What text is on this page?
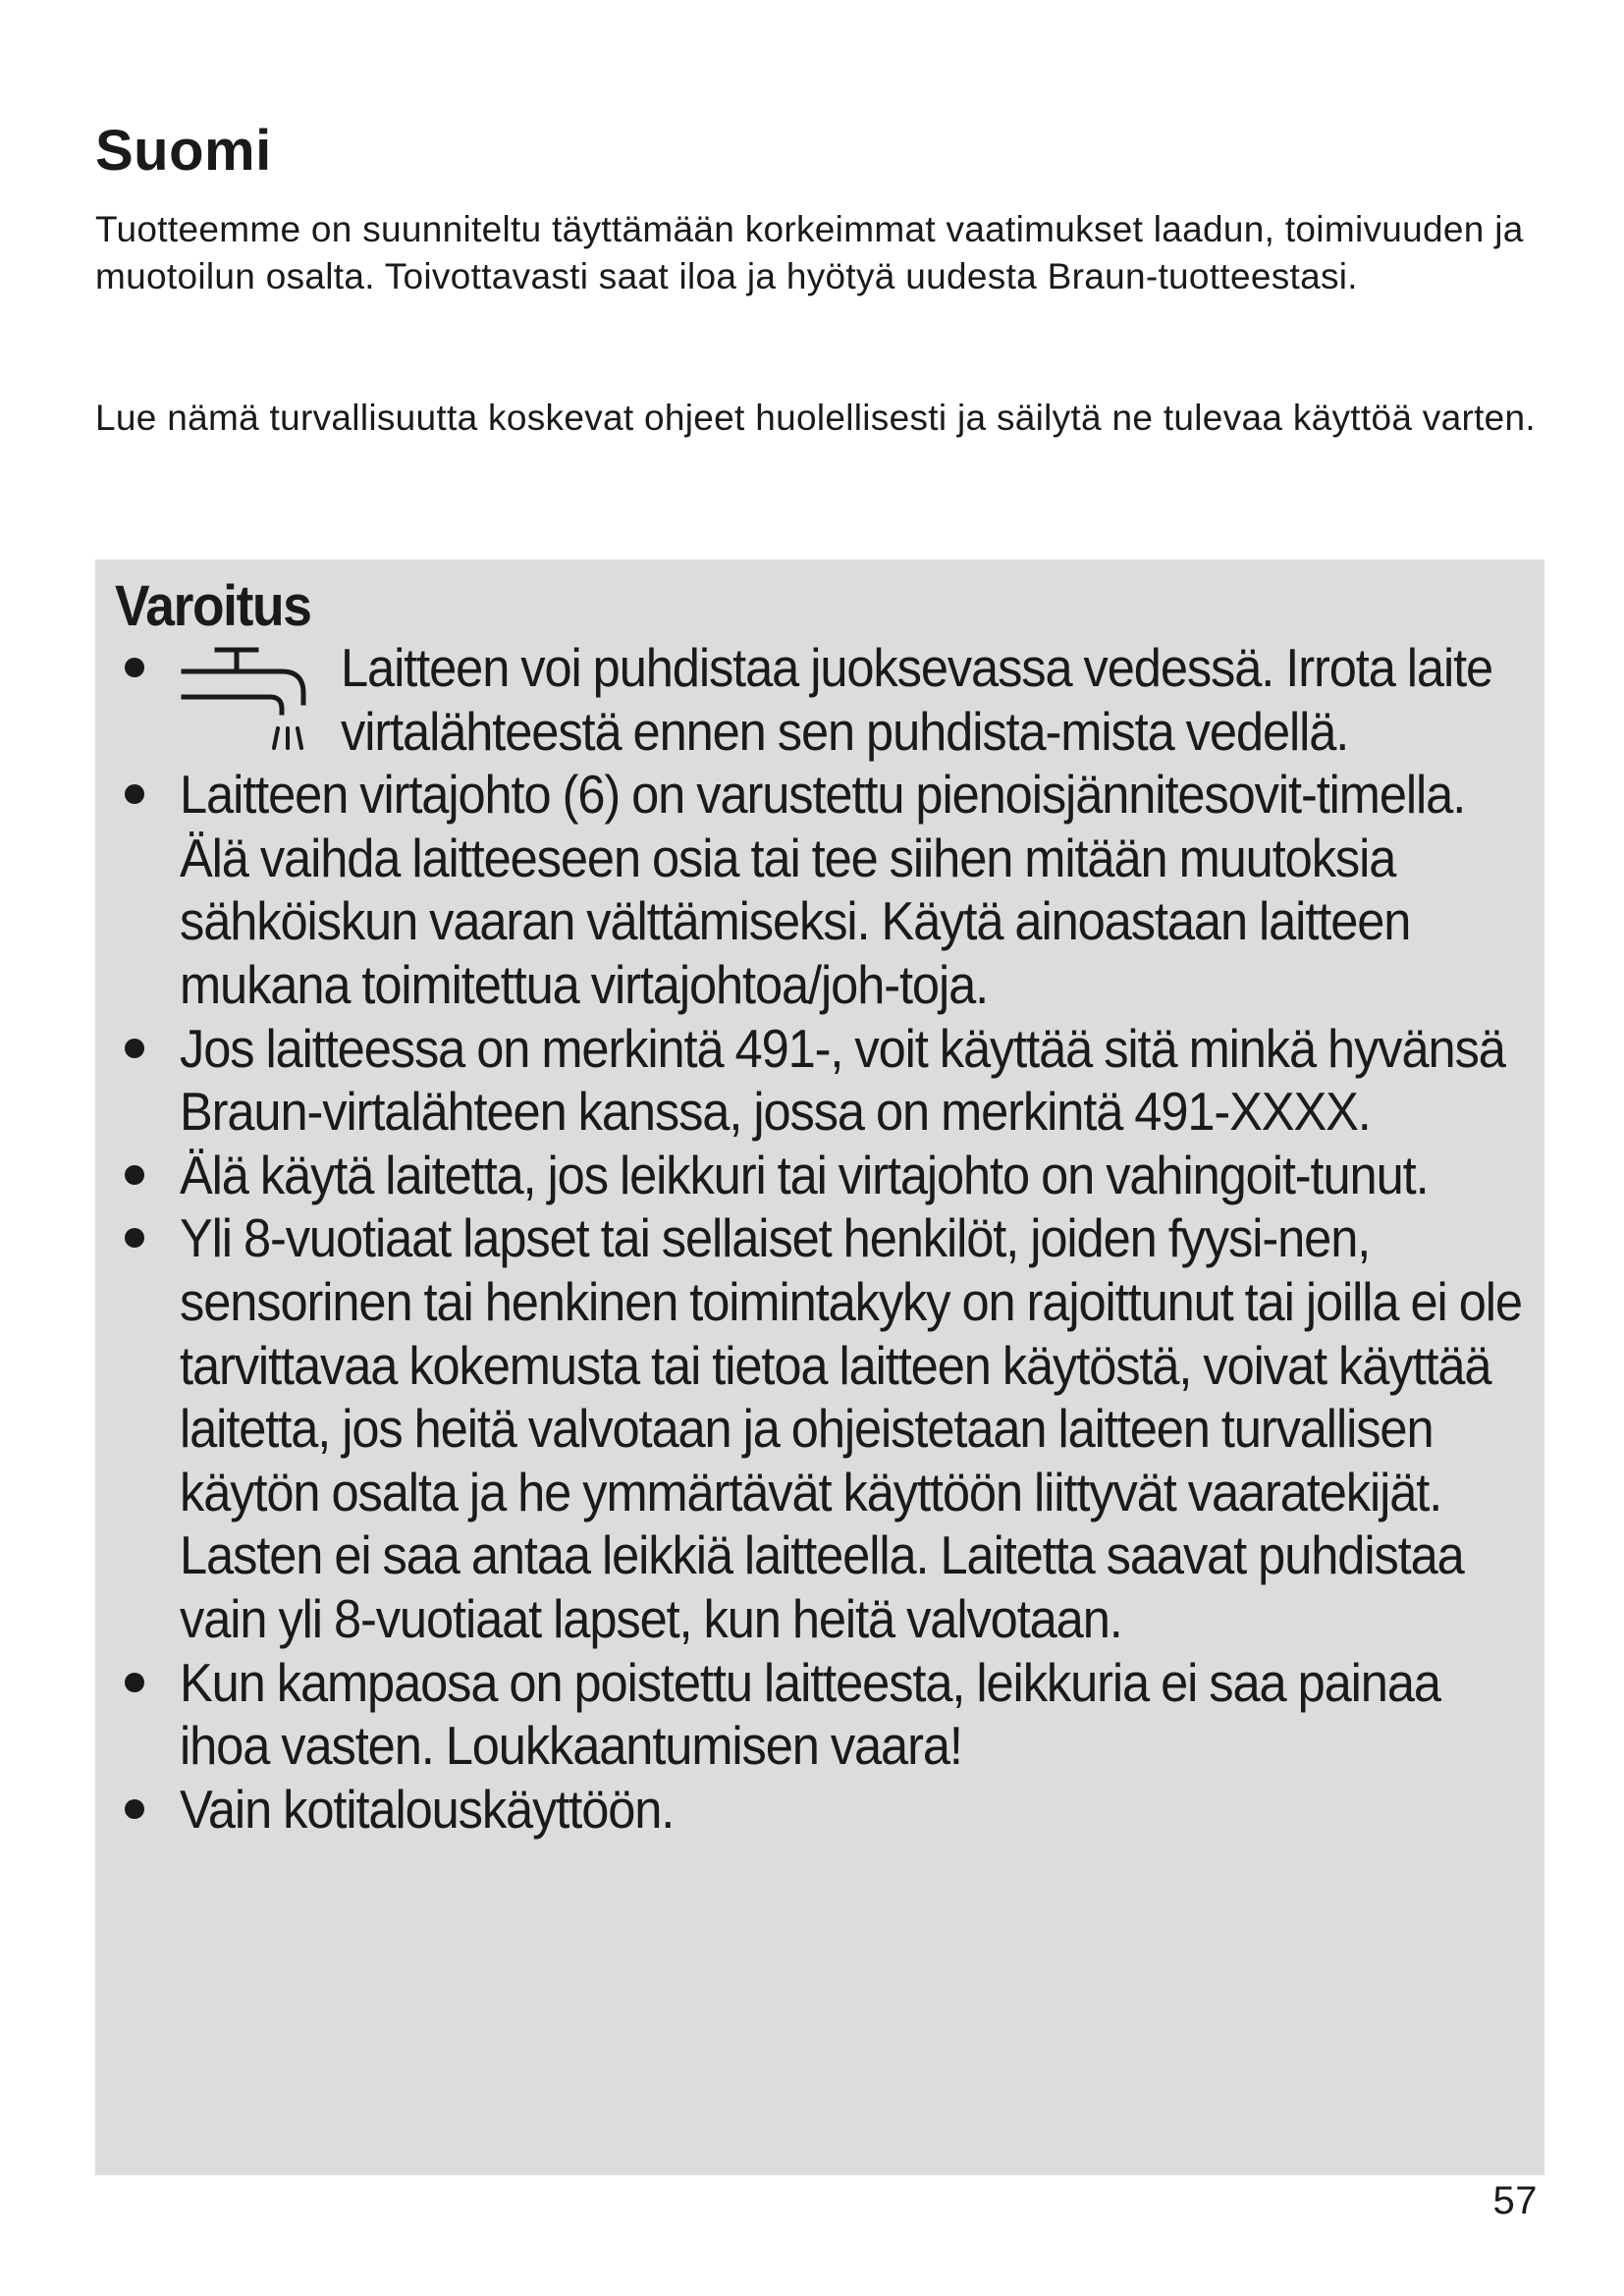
Suomi
Tuotteemme on suunniteltu täyttämään korkeimmat vaatimukset laadun, toimivuuden ja muotoilun osalta. Toivottavasti saat iloa ja hyötyä uudesta Braun-tuotteestasi.
Lue nämä turvallisuutta koskevat ohjeet huolellisesti ja säilytä ne tulevaa käyttöä varten.
Varoitus
Laitteen voi puhdistaa juoksevassa vedessä. Irrota laite virtalähteestä ennen sen puhdista-mista vedellä.
Laitteen virtajohto (6) on varustettu pienoisjännitesovit-timella. Älä vaihda laitteeseen osia tai tee siihen mitään muutoksia sähköiskun vaaran välttämiseksi. Käytä ainoastaan laitteen mukana toimitettua virtajohtoa/joh-toja.
Jos laitteessa on merkintä 491-, voit käyttää sitä minkä hyvänsä Braun-virtalähteen kanssa, jossa on merkintä 491-XXXX.
Älä käytä laitetta, jos leikkuri tai virtajohto on vahingoit-tunut.
Yli 8-vuotiaat lapset tai sellaiset henkilöt, joiden fyysi-nen, sensorinen tai henkinen toimintakyky on rajoittunut tai joilla ei ole tarvittavaa kokemusta tai tietoa laitteen käytöstä, voivat käyttää laitetta, jos heitä valvotaan ja ohjeistetaan laitteen turvallisen käytön osalta ja he ymmärtävät käyttöön liittyvät vaaratekijät. Lasten ei saa antaa leikkiä laitteella. Laitetta saavat puhdistaa vain yli 8-vuotiaat lapset, kun heitä valvotaan.
Kun kampaosa on poistettu laitteesta, leikkuria ei saa painaa ihoa vasten. Loukkaantumisen vaara!
Vain kotitalouskäyttöön.
57
